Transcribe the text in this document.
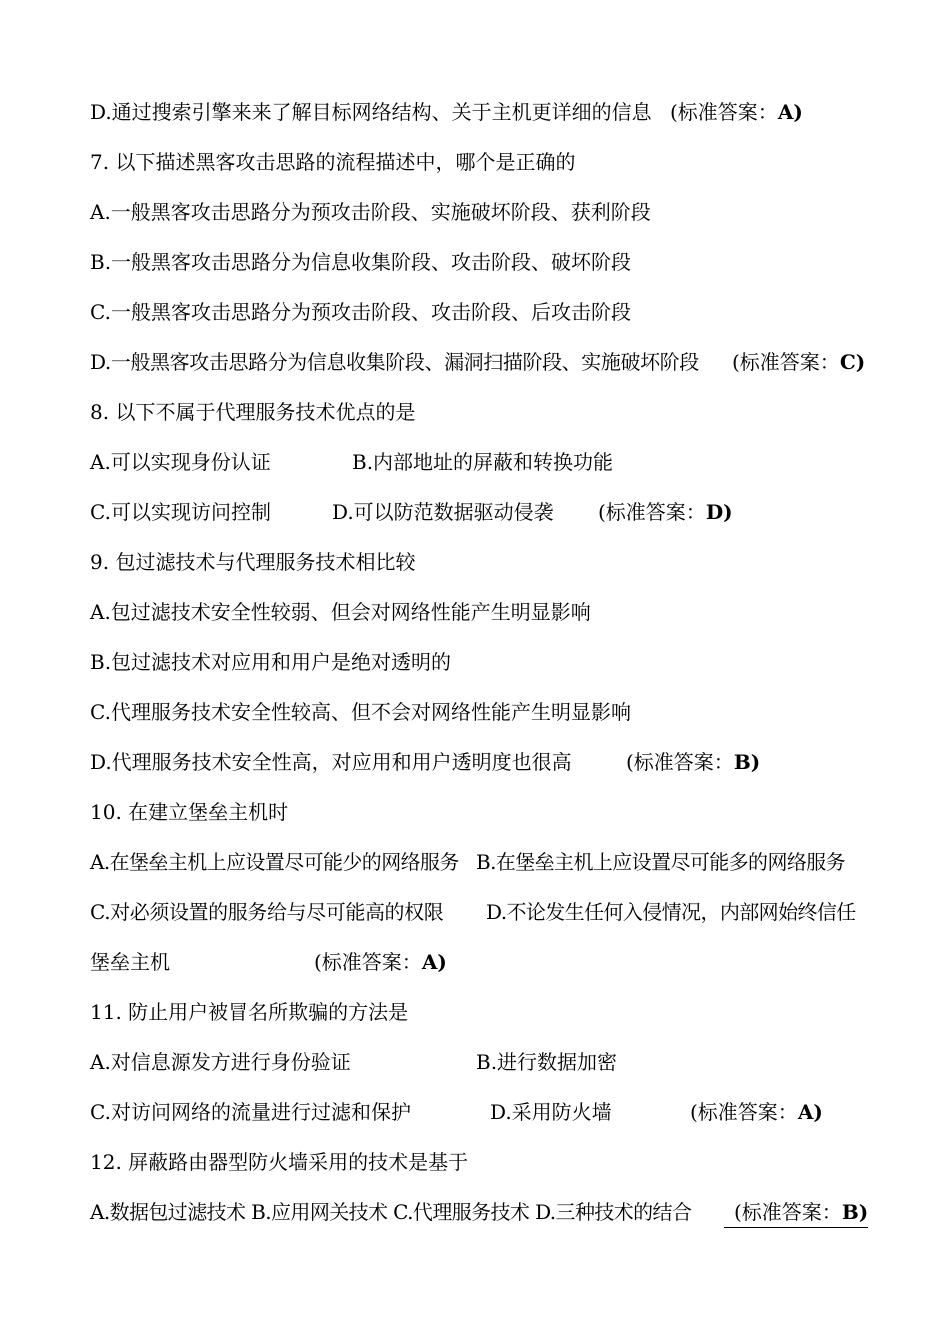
D.通过搜索引擎来来了解目标网络结构、关于主机更详细的信息 (标准答案：A)
7. 以下描述黑客攻击思路的流程描述中，哪个是正确的
A.一般黑客攻击思路分为预攻击阶段、实施破坏阶段、获利阶段
B.一般黑客攻击思路分为信息收集阶段、攻击阶段、破坏阶段
C.一般黑客攻击思路分为预攻击阶段、攻击阶段、后攻击阶段
D.一般黑客攻击思路分为信息收集阶段、漏洞扫描阶段、实施破坏阶段 (标准答案：C)
8. 以下不属于代理服务技术优点的是
A.可以实现身份认证	B.内部地址的屏蔽和转换功能
C.可以实现访问控制	D.可以防范数据驱动侵袭 (标准答案：D)
9. 包过滤技术与代理服务技术相比较
A.包过滤技术安全性较弱、但会对网络性能产生明显影响
B.包过滤技术对应用和用户是绝对透明的
C.代理服务技术安全性较高、但不会对网络性能产生明显影响
D.代理服务技术安全性高，对应用和用户透明度也很高	(标准答案：B)
10. 在建立堡垒主机时
A.在堡垒主机上应设置尽可能少的网络服务 B.在堡垒主机上应设置尽可能多的网络服务
C.对必须设置的服务给与尽可能高的权限 D.不论发生任何入侵情况，内部网始终信任
堡垒主机	(标准答案：A)
11. 防止用户被冒名所欺骗的方法是
A.对信息源发方进行身份验证	B.进行数据加密
C.对访问网络的流量进行过滤和保护	D.采用防火墙	(标准答案：A)
12. 屏蔽路由器型防火墙采用的技术是基于
A.数据包过滤技术 B.应用网关技术 C.代理服务技术 D.三种技术的结合	(标准答案：B)
